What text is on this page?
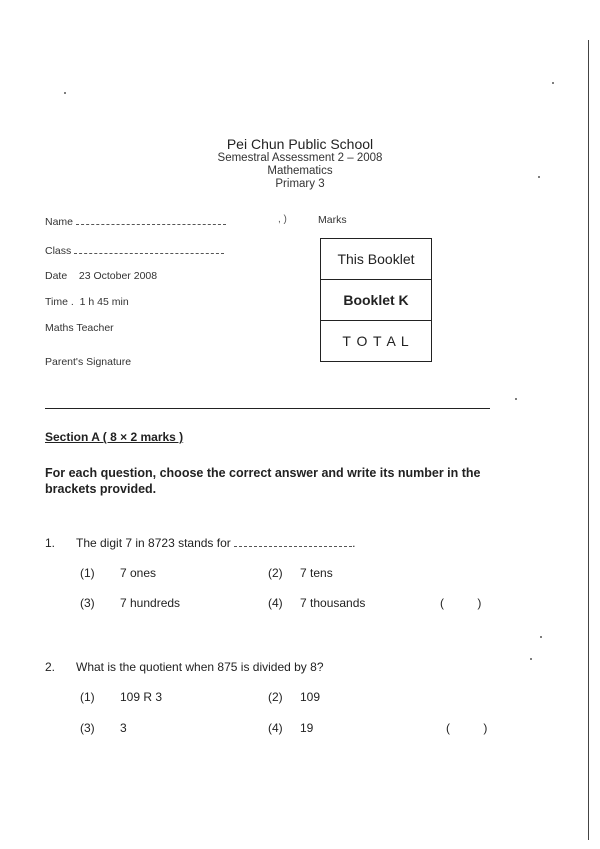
Pei Chun Public School
Semestral Assessment 2 – 2008
Mathematics
Primary 3
Name	, )
Class
Date 23 October 2008
Time .  1 h 45 min
Maths Teacher
Parent's Signature
Marks
This Booklet
Booklet K
T O T A L
Section A ( 8 × 2 marks )
For each question, choose the correct answer and write its number in the brackets provided.
1. The digit 7 in 8723 stands for	.
(1) 7 ones	(2) 7 tens
(3) 7 hundreds	(4) 7 thousands	(          )
2. What is the quotient when 875 is divided by 8?
(1) 109 R 3	(2) 109
(3) 3	(4) 19	(          )
